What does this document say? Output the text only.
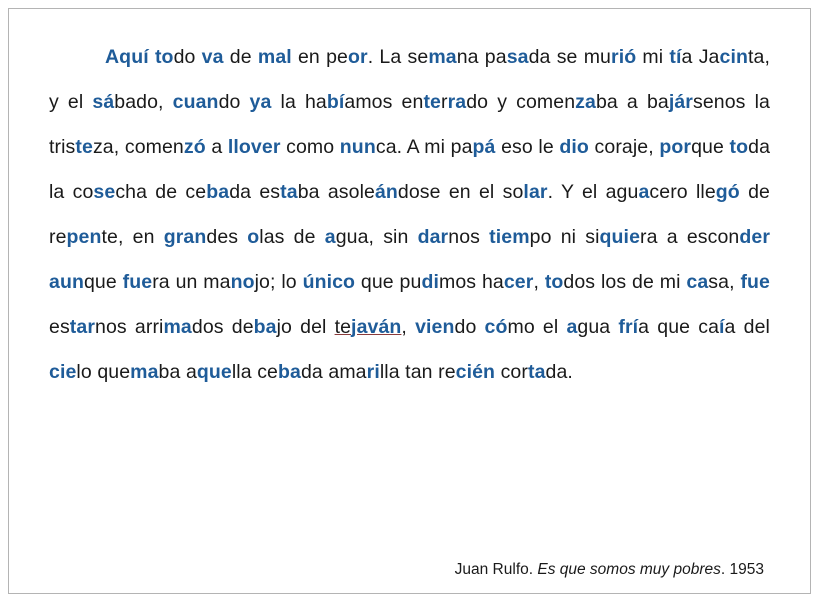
Aquí todo va de mal en peor. La semana pasada se murió mi tía Jacinta, y el sábado, cuando ya la habíamos enterrado y comenzaba a bajársenos la tristeza, comenzó a llover como nunca. A mi papá eso le dio coraje, porque toda la cosecha de cebada estaba asoleándose en el solar. Y el aguacero llegó de repente, en grandes olas de agua, sin darnos tiempo ni siquiera a esconder aunque fuera un manojo; lo único que pudimos hacer, todos los de mi casa, fue estarnos arrimados debajo del tejaván, viendo cómo el agua fría que caía del cielo quemaba aquella cebada amarilla tan recién cortada.
Juan Rulfo. Es que somos muy pobres. 1953
